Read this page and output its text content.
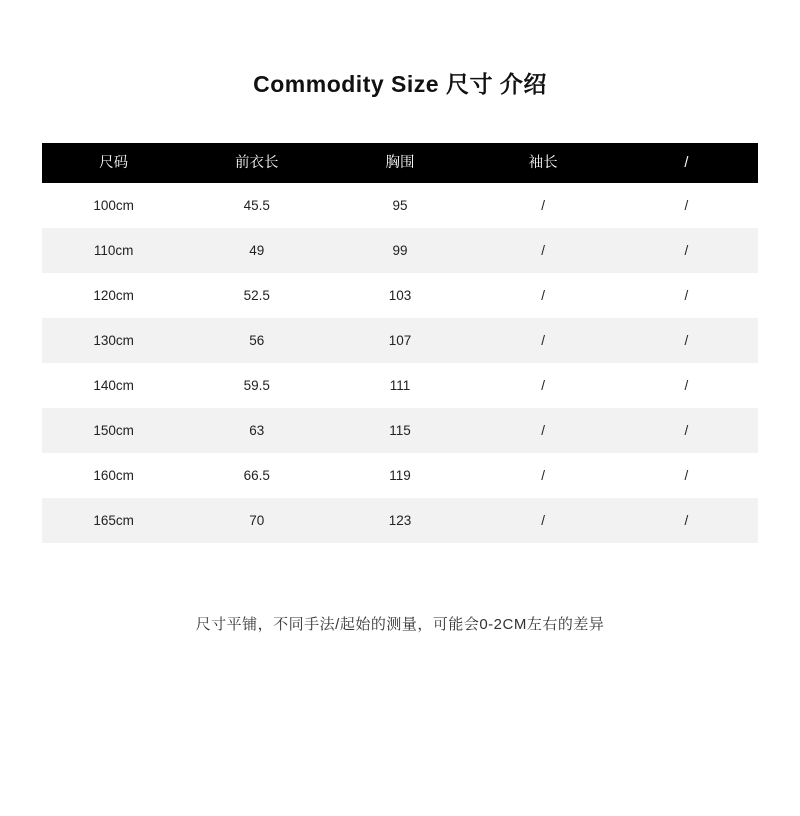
Commodity Size 尺寸 介绍
尺码	前衣长	胸围	袖长	/
100cm	45.5	95	/	/
110cm	49	99	/	/
120cm	52.5	103	/	/
130cm	56	107	/	/
140cm	59.5	111	/	/
150cm	63	115	/	/
160cm	66.5	119	/	/
165cm	70	123	/	/
尺寸平铺，不同手法/起始的测量，可能会0-2CM左右的差异
